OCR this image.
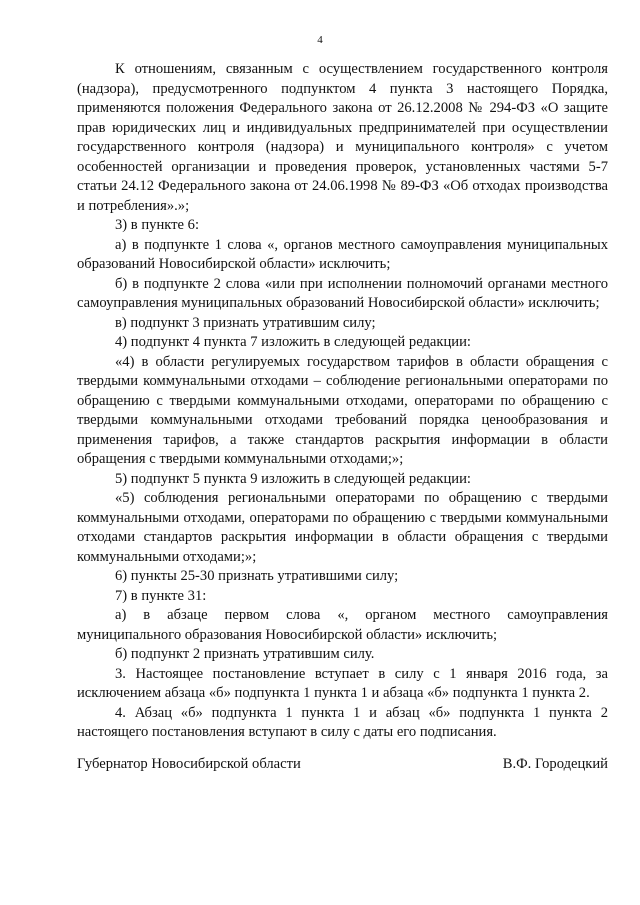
4

К отношениям, связанным с осуществлением государственного контроля (надзора), предусмотренного подпунктом 4 пункта 3 настоящего Порядка, применяются положения Федерального закона от 26.12.2008 № 294-ФЗ «О защите прав юридических лиц и индивидуальных предпринимателей при осуществлении государственного контроля (надзора) и муниципального контроля» с учетом особенностей организации и проведения проверок, установленных частями 5-7 статьи 24.12 Федерального закона от 24.06.1998 № 89-ФЗ «Об отходах производства и потребления».»;

3) в пункте 6:

а) в подпункте 1 слова «, органов местного самоуправления муниципальных образований Новосибирской области» исключить;

б) в подпункте 2 слова «или при исполнении полномочий органами местного самоуправления муниципальных образований Новосибирской области» исключить;

в) подпункт 3 признать утратившим силу;

4) подпункт 4 пункта 7 изложить в следующей редакции:

«4) в области регулируемых государством тарифов в области обращения с твердыми коммунальными отходами – соблюдение региональными операторами по обращению с твердыми коммунальными отходами, операторами по обращению с твердыми коммунальными отходами требований порядка ценообразования и применения тарифов, а также стандартов раскрытия информации в области обращения с твердыми коммунальными отходами;»;

5) подпункт 5 пункта 9 изложить в следующей редакции:

«5) соблюдения региональными операторами по обращению с твердыми коммунальными отходами, операторами по обращению с твердыми коммунальными отходами стандартов раскрытия информации в области обращения с твердыми коммунальными отходами;»;

6) пункты 25-30 признать утратившими силу;

7) в пункте 31:

а) в абзаце первом слова «, органом местного самоуправления муниципального образования Новосибирской области» исключить;

б) подпункт 2 признать утратившим силу.

3. Настоящее постановление вступает в силу с 1 января 2016 года, за исключением абзаца «б» подпункта 1 пункта 1 и абзаца «б» подпункта 1 пункта 2.

4. Абзац «б» подпункта 1 пункта 1 и абзац «б» подпункта 1 пункта 2 настоящего постановления вступают в силу с даты его подписания.

Губернатор Новосибирской области	В.Ф. Городецкий
